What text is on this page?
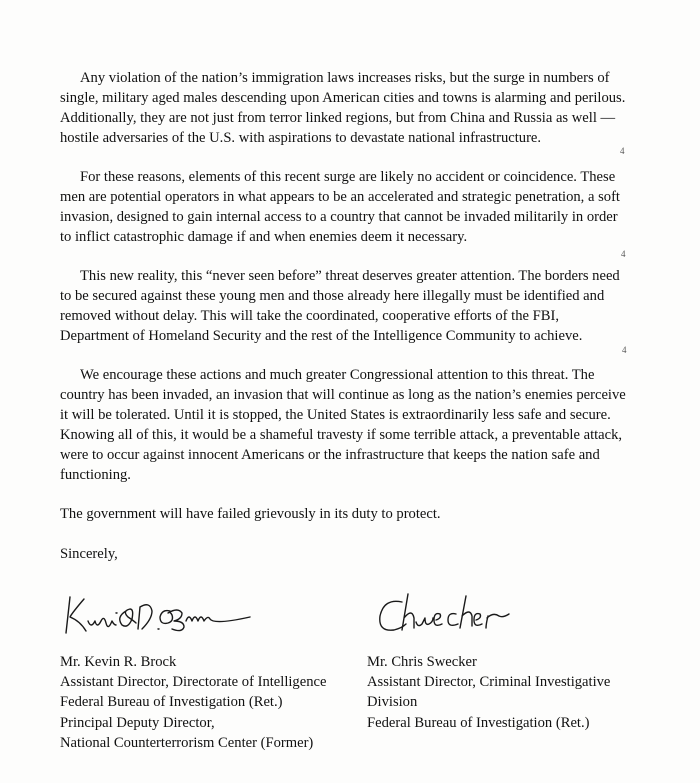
Any violation of the nation’s immigration laws increases risks, but the surge in numbers of
single, military aged males descending upon American cities and towns is alarming and perilous.
Additionally, they are not just from terror linked regions, but from China and Russia as well —
hostile adversaries of the U.S. with aspirations to devastate national infrastructure.

For these reasons, elements of this recent surge are likely no accident or coincidence. These
men are potential operators in what appears to be an accelerated and strategic penetration, a soft
invasion, designed to gain internal access to a country that cannot be invaded militarily in order
to inflict catastrophic damage if and when enemies deem it necessary.

This new reality, this “never seen before” threat deserves greater attention. The borders need
to be secured against these young men and those already here illegally must be identified and
removed without delay. This will take the coordinated, cooperative efforts of the FBI,
Department of Homeland Security and the rest of the Intelligence Community to achieve.

We encourage these actions and much greater Congressional attention to this threat. The
country has been invaded, an invasion that will continue as long as the nation’s enemies perceive
it will be tolerated. Until it is stopped, the United States is extraordinarily less safe and secure.
Knowing all of this, it would be a shameful travesty if some terrible attack, a preventable attack,
were to occur against innocent Americans or the infrastructure that keeps the nation safe and
functioning.

The government will have failed grievously in its duty to protect.

Sincerely,

4
4
4
Mr. Kevin R. Brock
Assistant Director, Directorate of Intelligence
Federal Bureau of Investigation (Ret.)
Principal Deputy Director,
National Counterterrorism Center (Former)
Mr. Chris Swecker
Assistant Director, Criminal Investigative
Division
Federal Bureau of Investigation (Ret.)
